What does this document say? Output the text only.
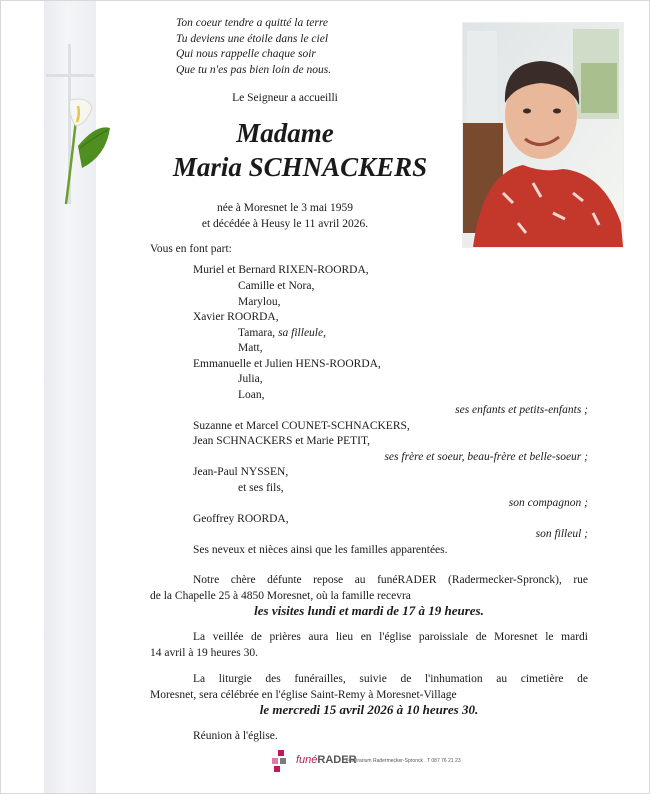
Ton coeur tendre a quitté la terre
Tu deviens une étoile dans le ciel
Qui nous rappelle chaque soir
Que tu n'es pas bien loin de nous.
Le Seigneur a accueilli
Madame
Maria SCHNACKERS
née à Moresnet le 3 mai 1959
et décédée à Heusy le 11 avril 2026.
Vous en font part:
Muriel et Bernard RIXEN-ROORDA,
Camille et Nora,
Marylou,
Xavier ROORDA,
Tamara, sa filleule,
Matt,
Emmanuelle et Julien HENS-ROORDA,
Julia,
Loan,
ses enfants et petits-enfants ;
Suzanne et Marcel COUNET-SCHNACKERS,
Jean SCHNACKERS et Marie PETIT,
ses frère et soeur, beau-frère et belle-soeur ;
Jean-Paul NYSSEN,
et ses fils,
son compagnon ;
Geoffrey ROORDA,
son filleul ;
Ses neveux et nièces ainsi que les familles apparentées.
Notre chère défunte repose au funéRADER (Radermecker-Spronck), rue
de la Chapelle 25 à 4850 Moresnet, où la famille recevra
les visites lundi et mardi de 17 à 19 heures.
La veillée de prières aura lieu en l'église paroissiale de Moresnet le mardi
14 avril à 19 heures 30.
La liturgie des funérailles, suivie de l'inhumation au cimetière de
Moresnet, sera célébrée en l'église Saint-Remy à Moresnet-Village
le mercredi 15 avril 2026 à 10 heures 30.
Réunion à l'église.
funéRADER
Funérarium Radermecker-Spronck . T 087 76 21 23
